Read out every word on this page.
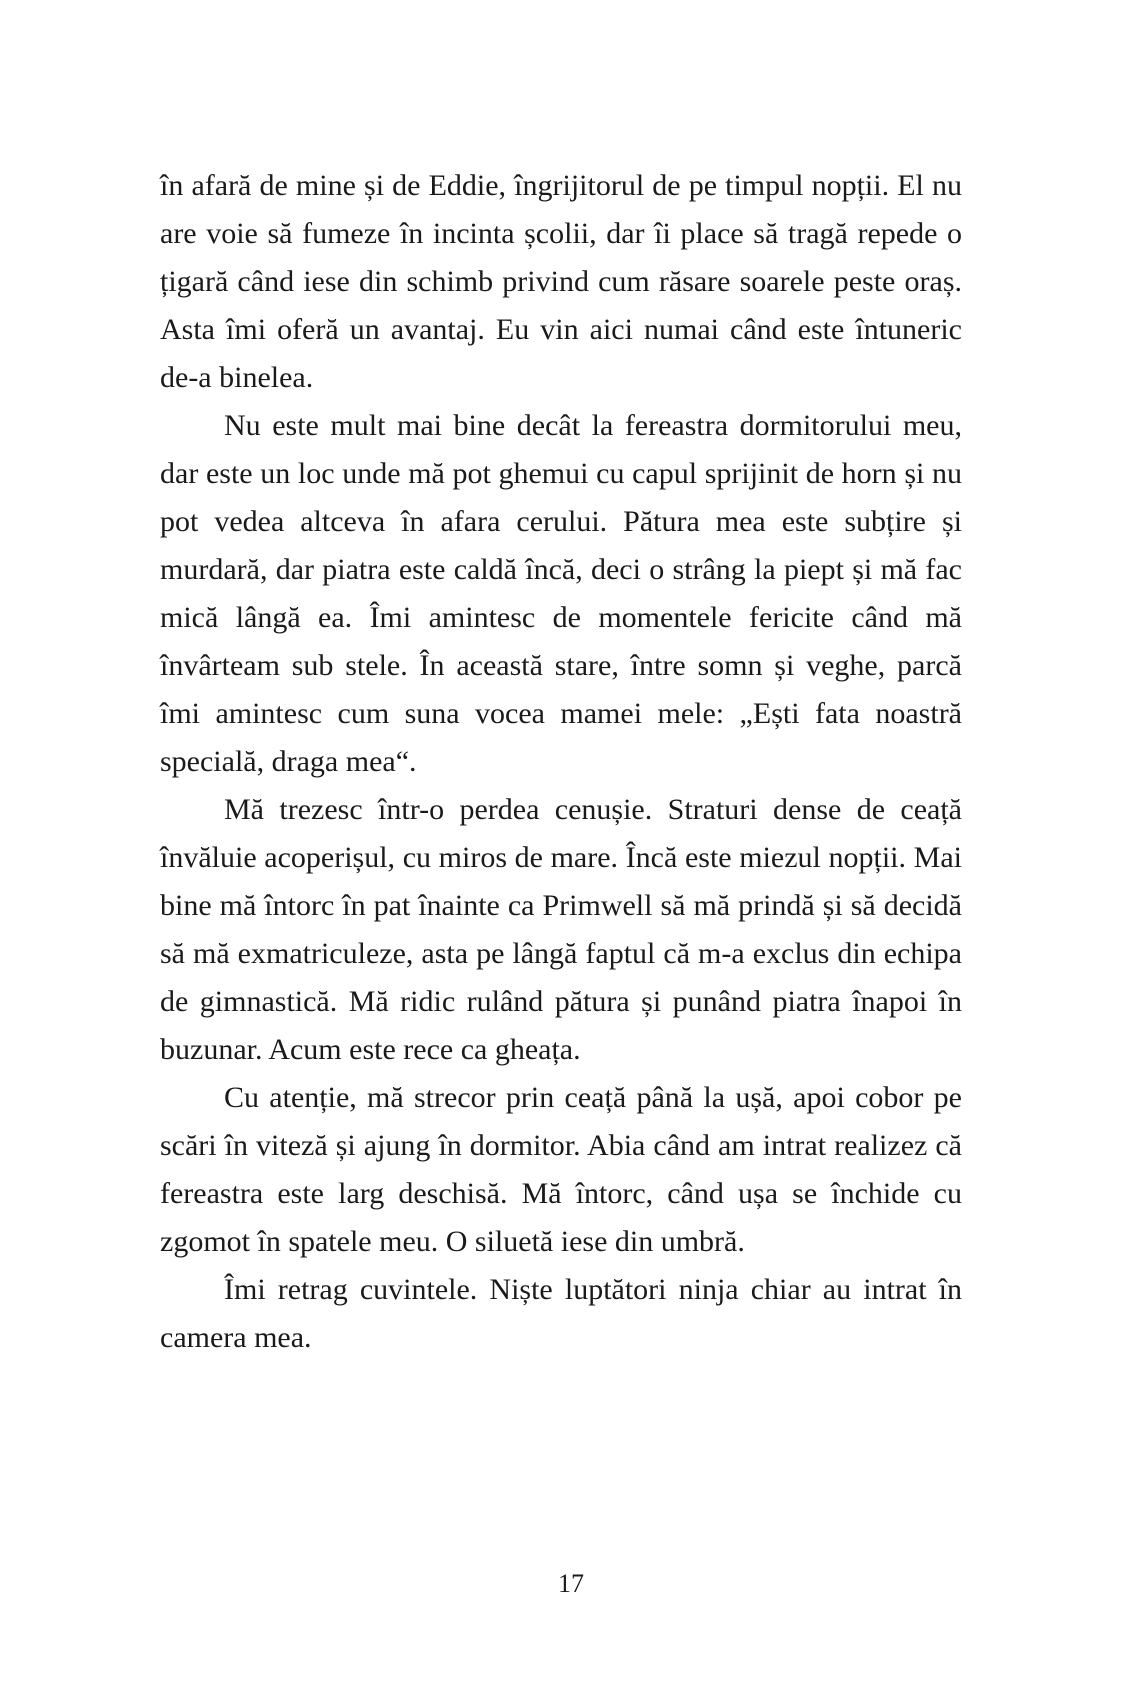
în afară de mine și de Eddie, îngrijitorul de pe timpul nopții. El nu are voie să fumeze în incinta școlii, dar îi place să tragă repede o țigară când iese din schimb privind cum răsare soarele peste oraș. Asta îmi oferă un avantaj. Eu vin aici numai când este întuneric de-a binelea.

Nu este mult mai bine decât la fereastra dormitorului meu, dar este un loc unde mă pot ghemui cu capul sprijinit de horn și nu pot vedea altceva în afara cerului. Pătura mea este subțire și murdară, dar piatra este caldă încă, deci o strâng la piept și mă fac mică lângă ea. Îmi amintesc de momentele fericite când mă învârteam sub stele. În această stare, între somn și veghe, parcă îmi amintesc cum suna vocea mamei mele: „Ești fata noastră specială, draga mea“.

Mă trezesc într-o perdea cenușie. Straturi dense de ceață învăluie acoperișul, cu miros de mare. Încă este miezul nopții. Mai bine mă întorc în pat înainte ca Primwell să mă prindă și să decidă să mă exmatriculeze, asta pe lângă faptul că m-a exclus din echipa de gimnastică. Mă ridic rulând pătura și punând piatra înapoi în buzunar. Acum este rece ca gheața.

Cu atenție, mă strecor prin ceață până la ușă, apoi cobor pe scări în viteză și ajung în dormitor. Abia când am intrat realizez că fereastra este larg deschisă. Mă întorc, când ușa se închide cu zgomot în spatele meu. O siluetă iese din umbră.

Îmi retrag cuvintele. Niște luptători ninja chiar au intrat în camera mea.

17
